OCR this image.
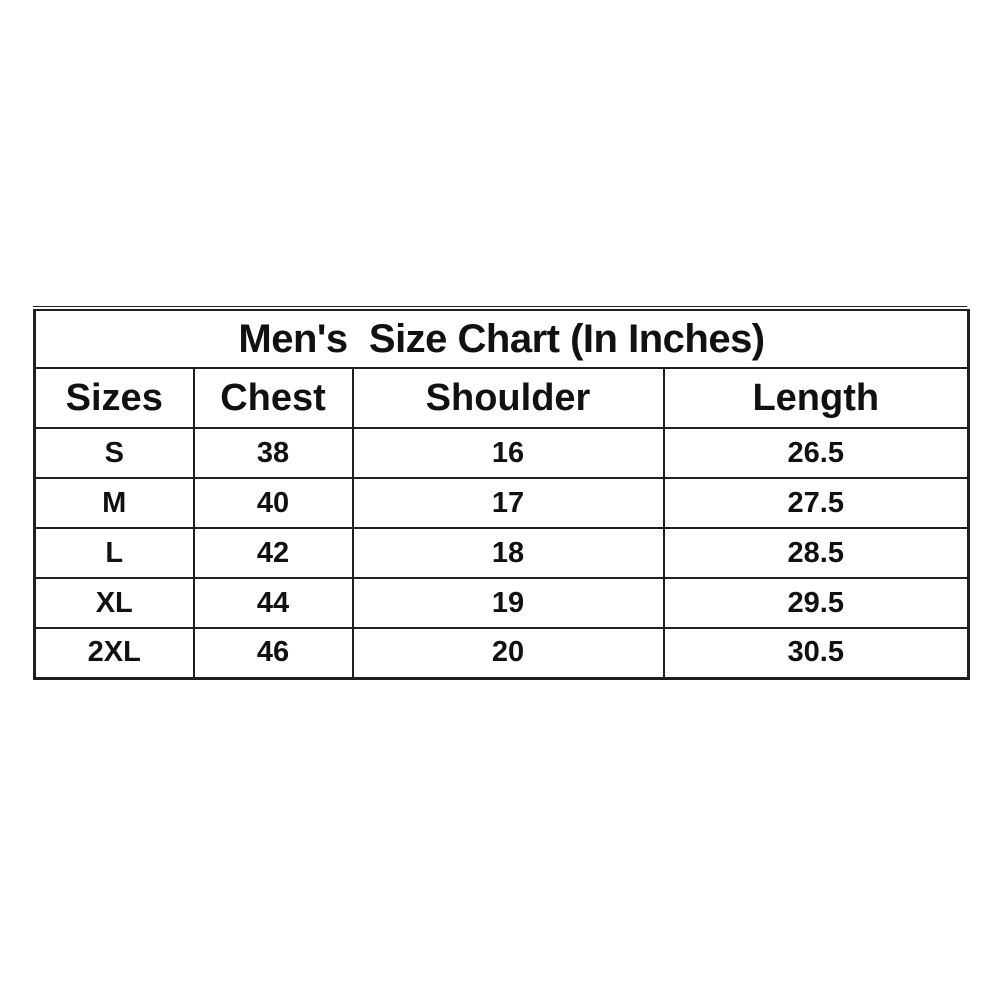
Men's  Size Chart (In Inches)			
Sizes	Chest	Shoulder	Length
S	38	16	26.5
M	40	17	27.5
L	42	18	28.5
XL	44	19	29.5
2XL	46	20	30.5
